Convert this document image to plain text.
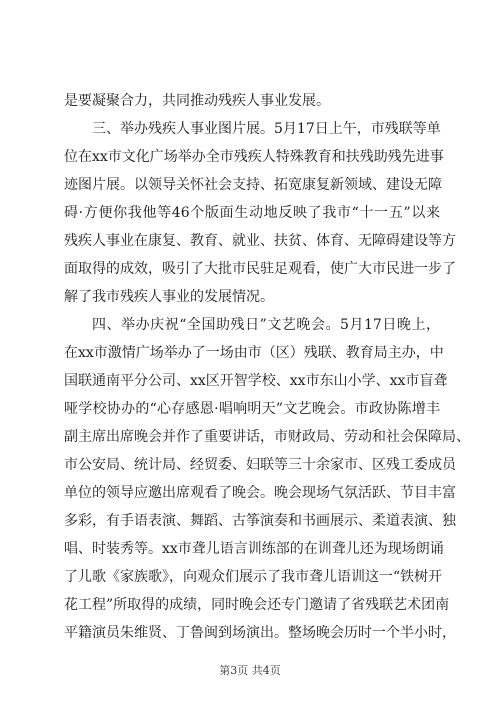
是要凝聚合力，共同推动残疾人事业发展。
三、举办残疾人事业图片展。5月17日上午，市残联等单
位在xx市文化广场举办全市残疾人特殊教育和扶残助残先进事
迹图片展。以领导关怀社会支持、拓宽康复新领域、建设无障
碍·方便你我他等46个版面生动地反映了我市“十一五”以来
残疾人事业在康复、教育、就业、扶贫、体育、无障碍建设等方
面取得的成效，吸引了大批市民驻足观看，使广大市民进一步了
解了我市残疾人事业的发展情况。
四、举办庆祝“全国助残日”文艺晚会。5月17日晚上，
在xx市激情广场举办了一场由市（区）残联、教育局主办，中
国联通南平分公司、xx区开智学校、xx市东山小学、xx市盲聋
哑学校协办的“心存感恩·唱响明天”文艺晚会。市政协陈增丰
副主席出席晚会并作了重要讲话，市财政局、劳动和社会保障局、
市公安局、统计局、经贸委、妇联等三十余家市、区残工委成员
单位的领导应邀出席观看了晚会。晚会现场气氛活跃、节目丰富
多彩，有手语表演、舞蹈、古筝演奏和书画展示、柔道表演、独
唱、时装秀等。xx市聋儿语言训练部的在训聋儿还为现场朗诵
了儿歌《家族歌》，向观众们展示了我市聋儿语训这一“铁树开
花工程”所取得的成绩，同时晚会还专门邀请了省残联艺术团南
平籍演员朱维贤、丁鲁闽到场演出。整场晚会历时一个半小时，
第3页 共4页
